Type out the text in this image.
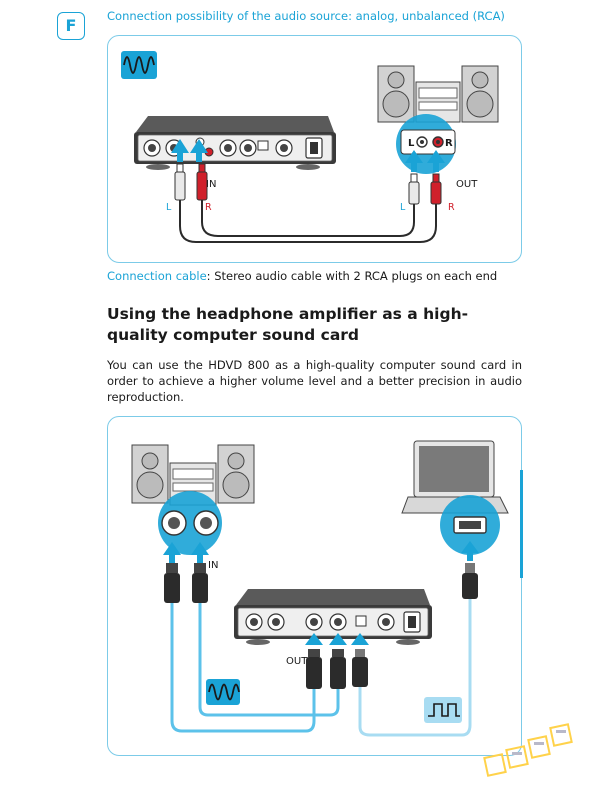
F	Connection possibility of the audio source: analog, unbalanced (RCA)
IN
L	R
L	R
OUT
L	R
Connection cable: Stereo audio cable with 2 RCA plugs on each end
Using the headphone amplifier as a high-quality computer sound card
You can use the HDVD 800 as a high-quality computer sound card in order to achieve a higher volume level and a better precision in audio reproduction.
IN
OUT
